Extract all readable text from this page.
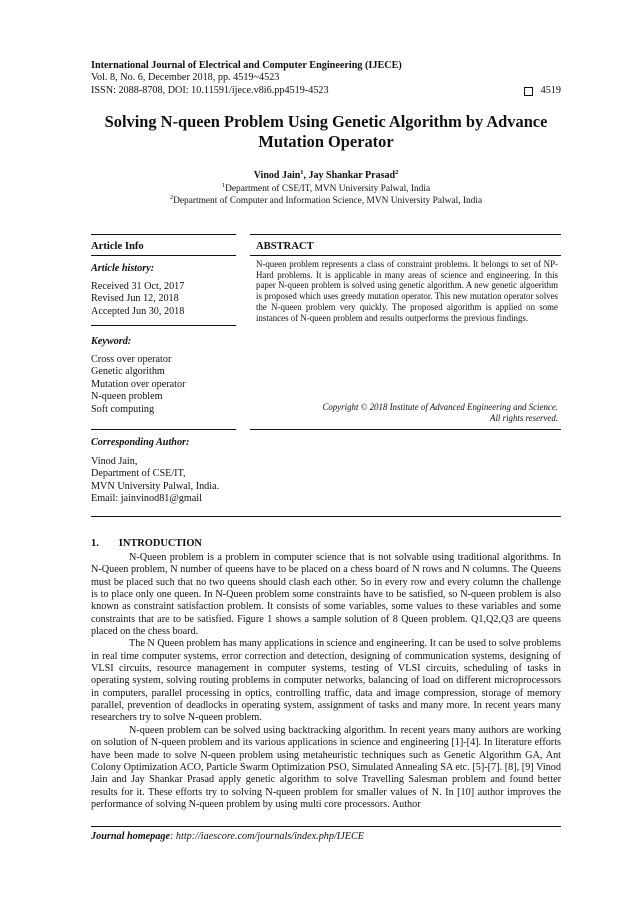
International Journal of Electrical and Computer Engineering (IJECE)
Vol. 8, No. 6, December 2018, pp. 4519~4523
ISSN: 2088-8708, DOI: 10.11591/ijece.v8i6.pp4519-4523	4519
Solving N-queen Problem Using Genetic Algorithm by Advance
Mutation Operator
Vinod Jain$^1$, Jay Shankar Prasad$^2$
$^1$Department of CSE/IT, MVN University Palwal, India
$^2$Department of Computer and Information Science, MVN University Palwal, India
Article Info
Article history:
Received 31 Oct, 2017
Revised Jun 12, 2018
Accepted Jun 30, 2018
Keyword:
Cross over operator
Genetic algorithm
Mutation over operator
N-queen problem
Soft computing
Corresponding Author:
Vinod Jain,
Department of CSE/IT,
MVN University Palwal, India.
Email: jainvinod81@gmail
ABSTRACT
N-queen problem represents a class of constraint problems. It belongs to set of NP-Hard problems. It is applicable in many areas of science and engineering. In this paper N-queen problem is solved using genetic algorithm. A new genetic algoerithm is proposed which uses greedy mutation operator. This new mutation operator solves the N-queen problem very quickly. The proposed algorithm is applied on some instances of N-queen problem and results outperforms the previous findings.
Copyright © 2018 Institute of Advanced Engineering and Science.
All rights reserved.
1. INTRODUCTION

N-Queen problem is a problem in computer science that is not solvable using traditional algorithms. In N-Queen problem, N number of queens have to be placed on a chess board of N rows and N columns. The Queens must be placed such that no two queens should clash each other. So in every row and every column the challenge is to place only one queen. In N-Queen problem some constraints have to be satisfied, so N-queen problem is also known as constraint satisfaction problem. It consists of some variables, some values to these variables and some constraints that are to be satisfied. Figure 1 shows a sample solution of 8 Queen problem. Q1,Q2,Q3 are queens placed on the chess board.

The N Queen problem has many applications in science and engineering. It can be used to solve problems in real time computer systems, error correction and detection, designing of communication systems, designing of VLSI circuits, resource management in computer systems, testing of VLSI circuits, scheduling of tasks in operating system, solving routing problems in computer networks, balancing of load on different microprocessors in computers, parallel processing in optics, controlling traffic, data and image compression, storage of memory parallel, prevention of deadlocks in operating system, assignment of tasks and many more. In recent years many researchers try to solve N-queen problem.

N-queen problem can be solved using backtracking algorithm. In recent years many authors are working on solution of N-queen problem and its various applications in science and engineering [1]-[4]. In literature efforts have been made to solve N-queen problem using metaheuristic techniques such as Genetic Algorithm GA, Ant Colony Optimization ACO, Particle Swarm Optimization PSO, Simulated Annealing SA etc. [5]-[7]. [8], [9] Vinod Jain and Jay Shankar Prasad apply genetic algorithm to solve Travelling Salesman problem and found better results for it. These efforts try to solving N-queen problem for smaller values of N. In [10] author improves the performance of solving N-queen problem by using multi core processors. Author

Journal homepage: http://iaescore.com/journals/index.php/IJECE
